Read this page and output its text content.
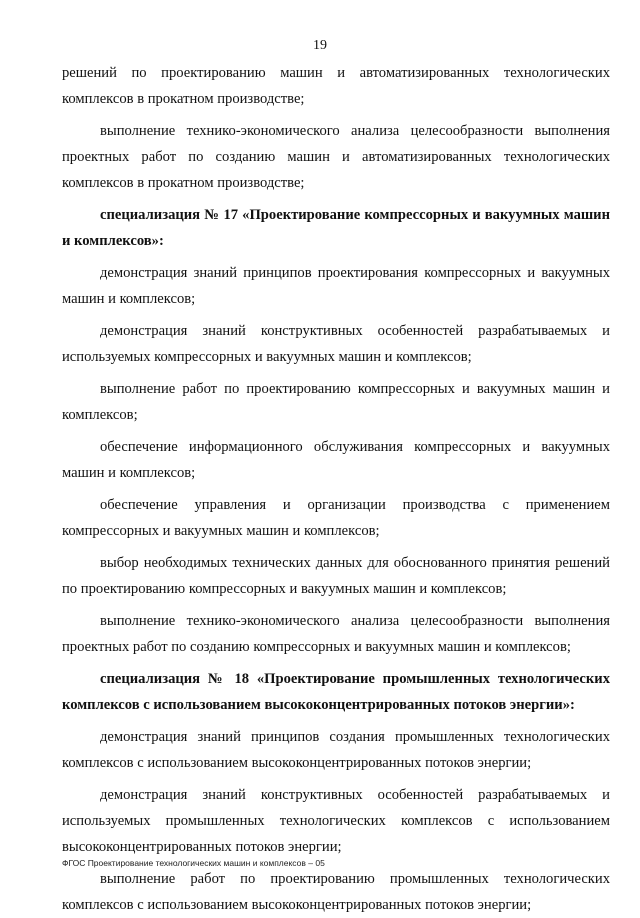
19

решений по проектированию машин и автоматизированных технологических комплексов в прокатном производстве;

выполнение технико-экономического анализа целесообразности выполнения проектных работ по созданию машин и автоматизированных технологических комплексов в прокатном производстве;

специализация № 17 «Проектирование компрессорных и вакуумных машин и комплексов»:

демонстрация знаний принципов проектирования компрессорных и вакуумных машин и комплексов;

демонстрация знаний конструктивных особенностей разрабатываемых и используемых компрессорных и вакуумных машин и комплексов;

выполнение работ по проектированию компрессорных и вакуумных машин и комплексов;

обеспечение информационного обслуживания компрессорных и вакуумных машин и комплексов;

обеспечение управления и организации производства с применением компрессорных и вакуумных машин и комплексов;

выбор необходимых технических данных для обоснованного принятия решений по проектированию компрессорных и вакуумных машин и комплексов;

выполнение технико-экономического анализа целесообразности выполнения проектных работ по созданию компрессорных и вакуумных машин и комплексов;

специализация № 18 «Проектирование промышленных технологических комплексов с использованием высококонцентрированных потоков энергии»:

демонстрация знаний принципов создания промышленных технологических комплексов с использованием высококонцентрированных потоков энергии;

демонстрация знаний конструктивных особенностей разрабатываемых и используемых промышленных технологических комплексов с использованием высококонцентрированных потоков энергии;

выполнение работ по проектированию промышленных технологических комплексов с использованием высококонцентрированных потоков энергии;

ФГОС Проектирование технологических машин и комплексов – 05
